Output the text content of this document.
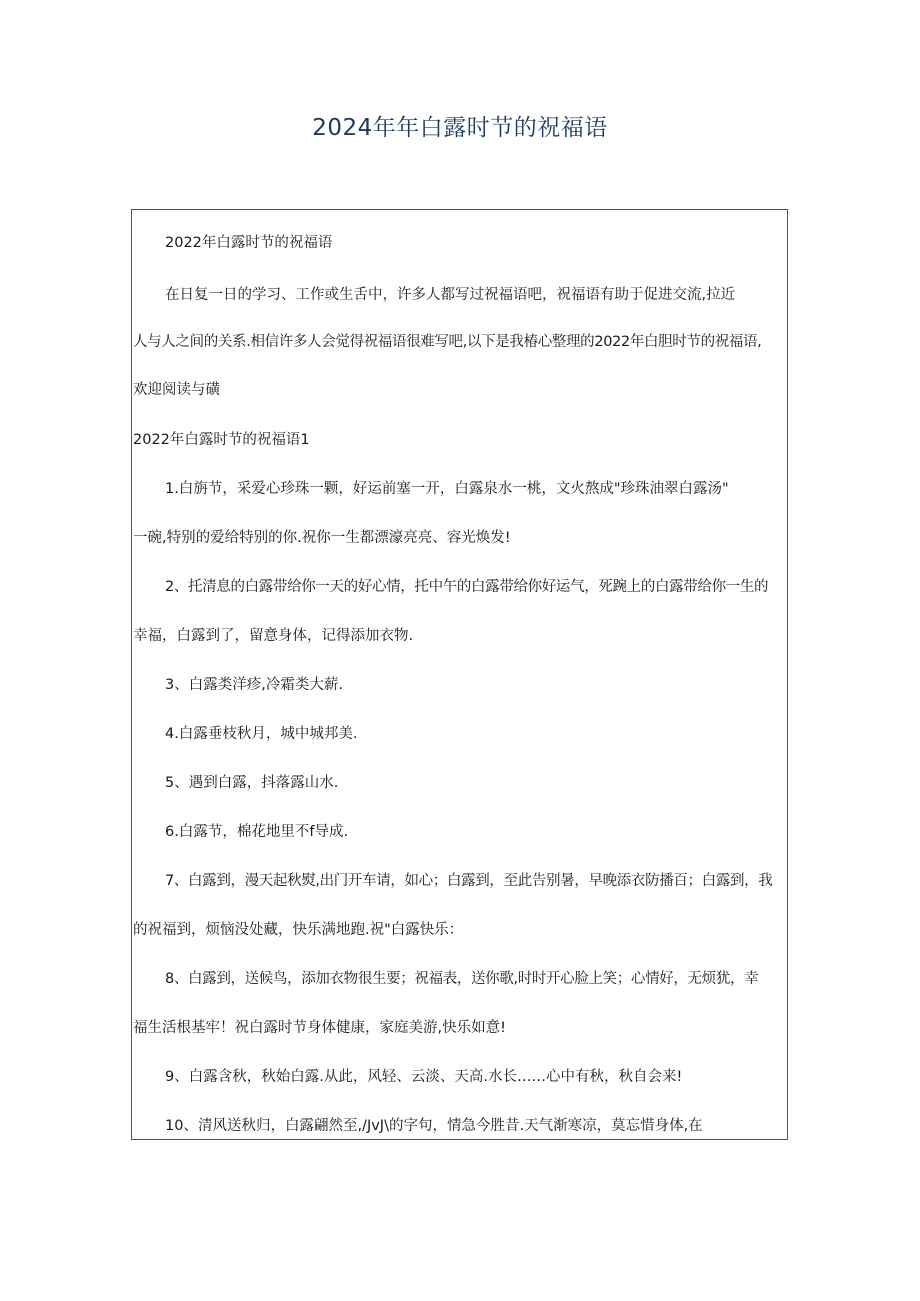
2024年年白露时节的祝福语
2022年白露时节的祝福语
在日复一日的学习、工作或生舌中，许多人都写过祝福语吧，祝福语有助于促进交流,拉近
人与人之间的关系.相信许多人会觉得祝福语很难写吧,以下是我椿心整理的2022年白胆时节的祝福语,
欢迎阅读与磺
2022年白露时节的祝福语1
1.白旃节，采爱心珍珠一颗，好运前塞一开，白露泉水一桃，文火熬成"珍珠油翠白露汤"
一碗,特别的爱给特别的你.祝你一生都漂濠亮亮、容光焕发!
2、托清息的白露带给你一天的好心情，托中午的白露带给你好运气，死踠上的白露带给你一生的
幸福，白露到了，留意身体，记得添加衣物.
3、白露类洋疹,冷霜类大薪.
4.白露垂枝秋月，城中城邦美.
5、遇到白露，抖落露山水.
6.白露节，棉花地里不f导成.
7、白露到，漫天起秋熨,出门开车请，如心；白露到，至此告别暑，早晚添衣防播百；白露到，我
的祝福到，烦恼没处藏，快乐满地跑.祝"白露快乐：
8、白露到，送候鸟，添加衣物很生要；祝福表，送你歌,时时开心脸上笑；心情好，无烦犹，幸
福生活根基牢！祝白露时节身体健康，家庭美游,快乐如意!
9、白露含秋，秋始白露.从此，风轻、云淡、天高.水长……心中有秋，秋自会来!
10、清风送秋归，白露翩然至,/JvJ\的字句，情急今胜昔.天气渐寒凉，莫忘惜身体,在
